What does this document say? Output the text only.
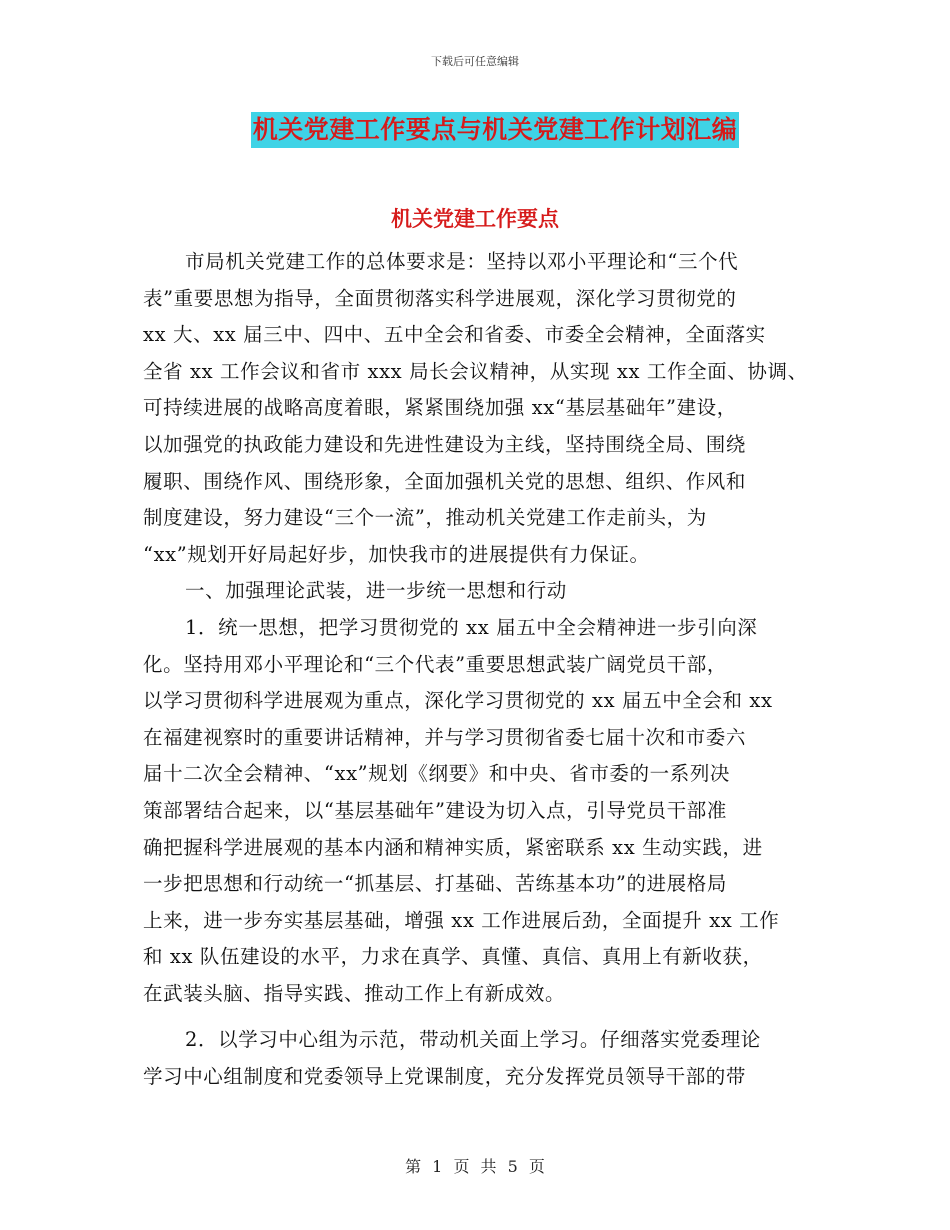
下载后可任意编辑
机关党建工作要点与机关党建工作计划汇编
机关党建工作要点
市局机关党建工作的总体要求是：坚持以邓小平理论和“三个代
表”重要思想为指导，全面贯彻落实科学进展观，深化学习贯彻党的
xx 大、xx 届三中、四中、五中全会和省委、市委全会精神，全面落实
全省 xx 工作会议和省市 xxx 局长会议精神，从实现 xx 工作全面、协调、
可持续进展的战略高度着眼，紧紧围绕加强 xx“基层基础年”建设，
以加强党的执政能力建设和先进性建设为主线，坚持围绕全局、围绕
履职、围绕作风、围绕形象，全面加强机关党的思想、组织、作风和
制度建设，努力建设“三个一流”，推动机关党建工作走前头，为
“xx”规划开好局起好步，加快我市的进展提供有力保证。
一、加强理论武装，进一步统一思想和行动
1．统一思想，把学习贯彻党的 xx 届五中全会精神进一步引向深
化。坚持用邓小平理论和“三个代表”重要思想武装广阔党员干部，
以学习贯彻科学进展观为重点，深化学习贯彻党的 xx 届五中全会和 xx
在福建视察时的重要讲话精神，并与学习贯彻省委七届十次和市委六
届十二次全会精神、“xx”规划《纲要》和中央、省市委的一系列决
策部署结合起来，以“基层基础年”建设为切入点，引导党员干部准
确把握科学进展观的基本内涵和精神实质，紧密联系 xx 生动实践，进
一步把思想和行动统一“抓基层、打基础、苦练基本功”的进展格局
上来，进一步夯实基层基础，增强 xx 工作进展后劲，全面提升 xx 工作
和 xx 队伍建设的水平，力求在真学、真懂、真信、真用上有新收获，
在武装头脑、指导实践、推动工作上有新成效。
2．以学习中心组为示范，带动机关面上学习。仔细落实党委理论
学习中心组制度和党委领导上党课制度，充分发挥党员领导干部的带
第 1 页 共 5 页
